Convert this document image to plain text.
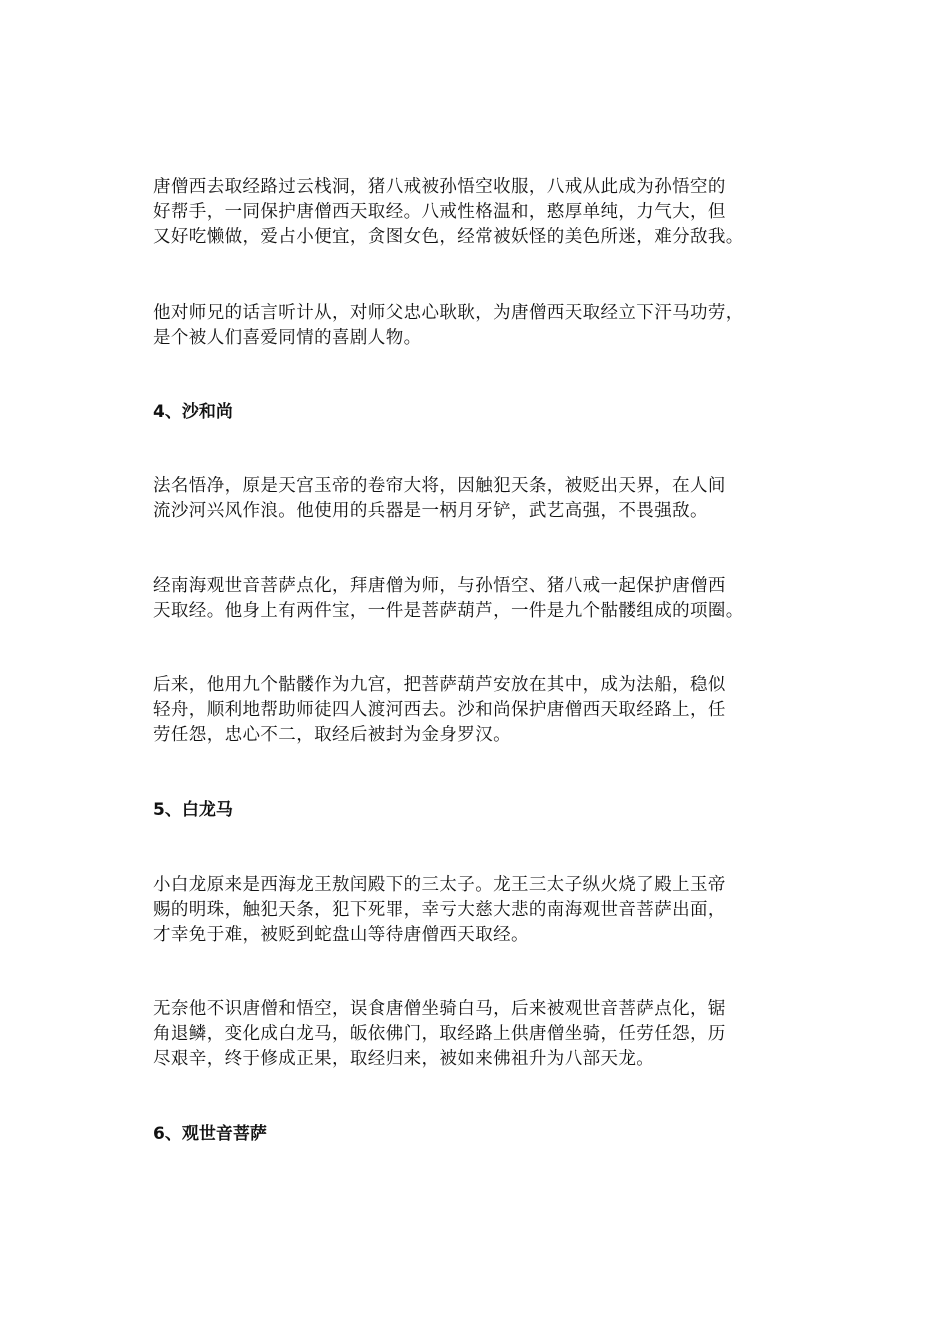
唐僧西去取经路过云栈洞，猪八戒被孙悟空收服，八戒从此成为孙悟空的
好帮手，一同保护唐僧西天取经。八戒性格温和，憨厚单纯，力气大，但
又好吃懒做，爱占小便宜，贪图女色，经常被妖怪的美色所迷，难分敌我。
他对师兄的话言听计从，对师父忠心耿耿，为唐僧西天取经立下汗马功劳，
是个被人们喜爱同情的喜剧人物。
4、沙和尚
法名悟净，原是天宫玉帝的卷帘大将，因触犯天条，被贬出天界，在人间
流沙河兴风作浪。他使用的兵器是一柄月牙铲，武艺高强，不畏强敌。
经南海观世音菩萨点化，拜唐僧为师，与孙悟空、猪八戒一起保护唐僧西
天取经。他身上有两件宝，一件是菩萨葫芦，一件是九个骷髅组成的项圈。
后来，他用九个骷髅作为九宫，把菩萨葫芦安放在其中，成为法船，稳似
轻舟，顺利地帮助师徒四人渡河西去。沙和尚保护唐僧西天取经路上，任
劳任怨，忠心不二，取经后被封为金身罗汉。
5、白龙马
小白龙原来是西海龙王敖闰殿下的三太子。龙王三太子纵火烧了殿上玉帝
赐的明珠，触犯天条，犯下死罪，幸亏大慈大悲的南海观世音菩萨出面，
才幸免于难，被贬到蛇盘山等待唐僧西天取经。
无奈他不识唐僧和悟空，误食唐僧坐骑白马，后来被观世音菩萨点化，锯
角退鳞，变化成白龙马，皈依佛门，取经路上供唐僧坐骑，任劳任怨，历
尽艰辛，终于修成正果，取经归来，被如来佛祖升为八部天龙。
6、观世音菩萨
